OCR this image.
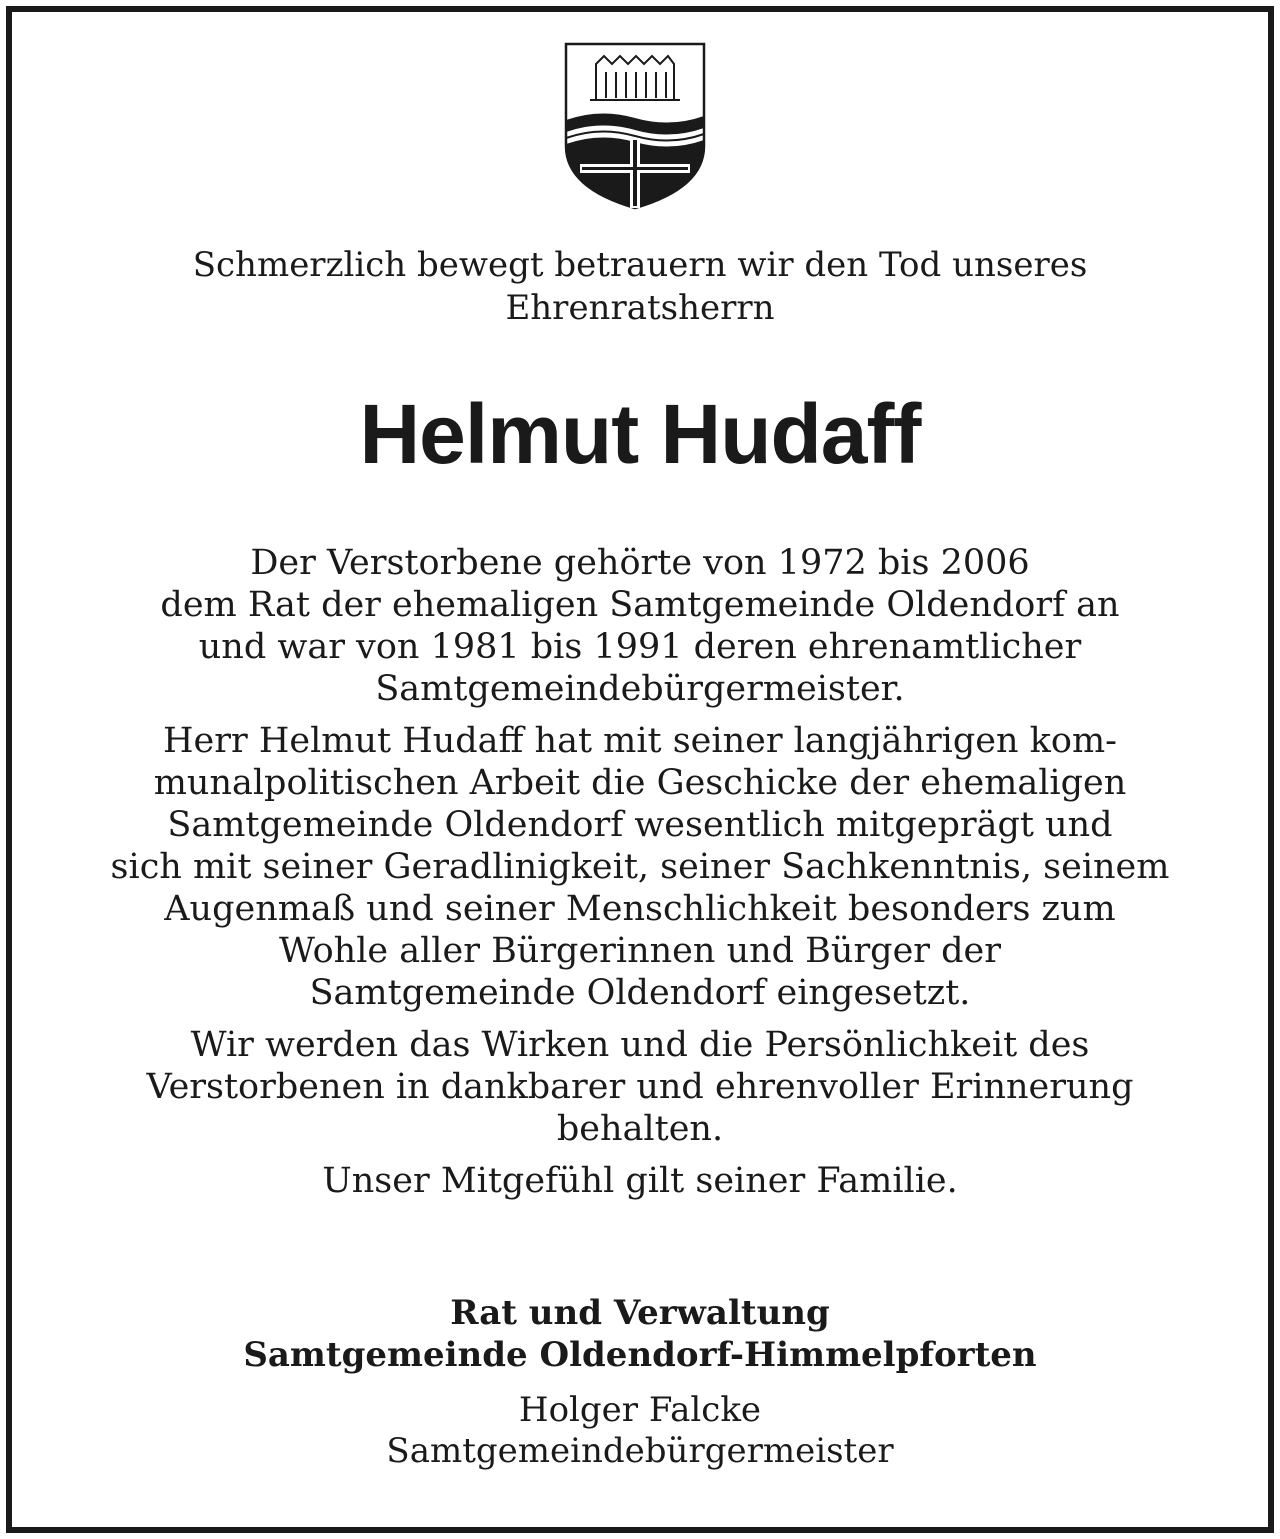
Schmerzlich bewegt betrauern wir den Tod unseres
Ehrenratsherrn
Helmut Hudaff

Der Verstorbene gehörte von 1972 bis 2006
dem Rat der ehemaligen Samtgemeinde Oldendorf an
und war von 1981 bis 1991 deren ehrenamtlicher
Samtgemeindebürgermeister.

Herr Helmut Hudaff hat mit seiner langjährigen kom-
munalpolitischen Arbeit die Geschicke der ehemaligen
Samtgemeinde Oldendorf wesentlich mitgeprägt und
sich mit seiner Geradlinigkeit, seiner Sachkenntnis, seinem
Augenmaß und seiner Menschlichkeit besonders zum
Wohle aller Bürgerinnen und Bürger der
Samtgemeinde Oldendorf eingesetzt.

Wir werden das Wirken und die Persönlichkeit des
Verstorbenen in dankbarer und ehrenvoller Erinnerung
behalten.

Unser Mitgefühl gilt seiner Familie.

Rat und Verwaltung
Samtgemeinde Oldendorf-Himmelpforten
Holger Falcke
Samtgemeindebürgermeister
